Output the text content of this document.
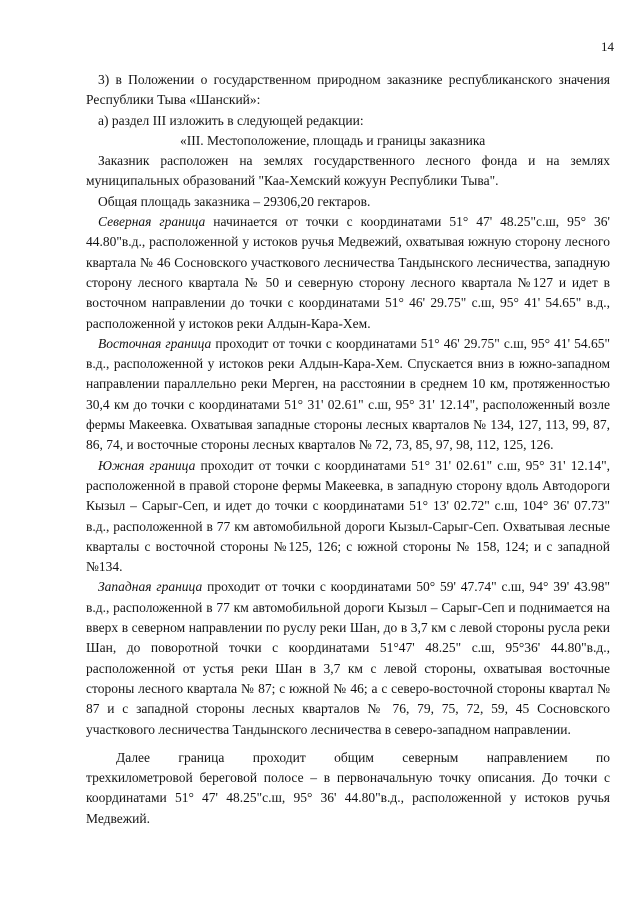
14

3) в Положении о государственном природном заказнике республиканского значения Республики Тыва «Шанский»:

а) раздел III изложить в следующей редакции:

«III. Местоположение, площадь и границы заказника

Заказник расположен на землях государственного лесного фонда и на землях муниципальных образований "Каа-Хемский кожуун Республики Тыва".

Общая площадь заказника – 29306,20 гектаров.

Северная граница начинается от точки с координатами 51° 47' 48.25"с.ш, 95° 36' 44.80"в.д., расположенной у истоков ручья Медвежий, охватывая южную сторону лесного квартала № 46 Сосновского участкового лесничества Тандынского лесничества, западную сторону лесного квартала № 50 и северную сторону лесного квартала №127 и идет в восточном направлении до точки с координатами 51° 46' 29.75" с.ш, 95° 41' 54.65" в.д., расположенной у истоков реки Алдын-Кара-Хем.

Восточная граница проходит от точки с координатами 51° 46' 29.75" с.ш, 95° 41' 54.65" в.д., расположенной у истоков реки Алдын-Кара-Хем. Спускается вниз в южно-западном направлении параллельно реки Мерген, на расстоянии в среднем 10 км, протяженностью 30,4 км до точки с координатами 51° 31' 02.61" с.ш, 95° 31' 12.14", расположенный возле фермы Макеевка. Охватывая западные стороны лесных кварталов № 134, 127, 113, 99, 87, 86, 74, и восточные стороны лесных кварталов № 72, 73, 85, 97, 98, 112, 125, 126.

Южная граница проходит от точки с координатами 51° 31' 02.61" с.ш, 95° 31' 12.14", расположенной в правой стороне фермы Макеевка, в западную сторону вдоль Автодороги Кызыл – Сарыг-Сеп, и идет до точки с координатами 51° 13' 02.72" с.ш, 104° 36' 07.73" в.д., расположенной в 77 км автомобильной дороги Кызыл-Сарыг-Сеп. Охватывая лесные кварталы с восточной стороны №125, 126; с южной стороны № 158, 124; и с западной №134.

Западная граница проходит от точки с координатами 50° 59' 47.74" с.ш, 94° 39' 43.98" в.д., расположенной в 77 км автомобильной дороги Кызыл – Сарыг-Сеп и поднимается на вверх в северном направлении по руслу реки Шан, до в 3,7 км с левой стороны русла реки Шан, до поворотной точки с координатами 51°47' 48.25" с.ш, 95°36' 44.80"в.д., расположенной от устья реки Шан в 3,7 км с левой стороны, охватывая восточные стороны лесного квартала № 87; с южной № 46; а с северо-восточной стороны квартал № 87 и с западной стороны лесных кварталов № 76, 79, 75, 72, 59, 45 Сосновского участкового лесничества Тандынского лесничества в северо-западном направлении.

Далее граница проходит общим северным направлением по

трехкилометровой береговой полосе – в первоначальную точку описания. До точки с координатами 51° 47' 48.25"с.ш, 95° 36' 44.80"в.д., расположенной у истоков ручья Медвежий.
